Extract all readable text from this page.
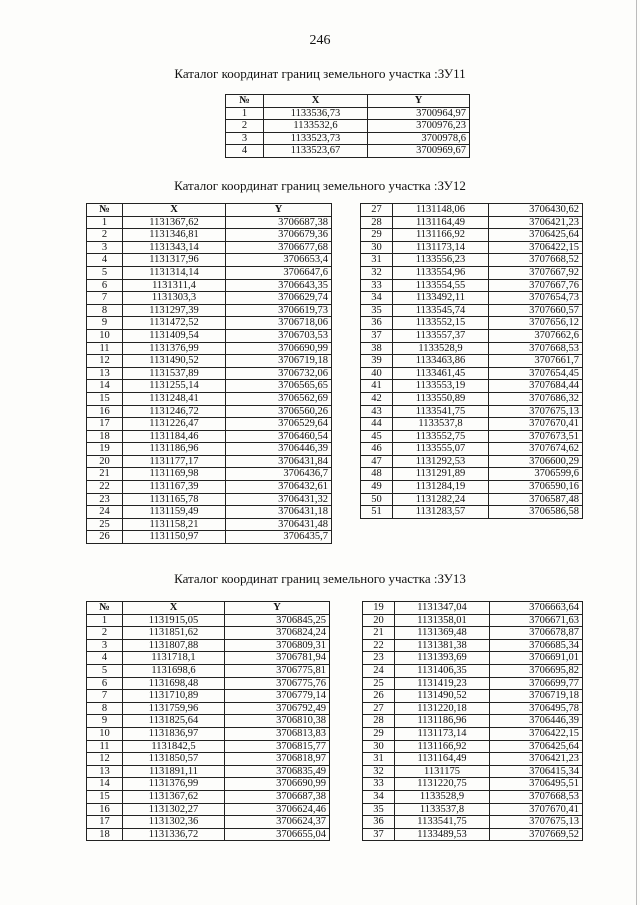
246
Каталог координат границ земельного участка :ЗУ11
№	X	Y
1	1133536,73	3700964,97
2	1133532,6	3700976,23
3	1133523,73	3700978,6
4	1133523,67	3700969,67
Каталог координат границ земельного участка :ЗУ12
№	X	Y
1	1131367,62	3706687,38
2	1131346,81	3706679,36
3	1131343,14	3706677,68
4	1131317,96	3706653,4
5	1131314,14	3706647,6
6	1131311,4	3706643,35
7	1131303,3	3706629,74
8	1131297,39	3706619,73
9	1131472,52	3706718,06
10	1131409,54	3706703,53
11	1131376,99	3706690,99
12	1131490,52	3706719,18
13	1131537,89	3706732,06
14	1131255,14	3706565,65
15	1131248,41	3706562,69
16	1131246,72	3706560,26
17	1131226,47	3706529,64
18	1131184,46	3706460,54
19	1131186,96	3706446,39
20	1131177,17	3706431,84
21	1131169,98	3706436,7
22	1131167,39	3706432,61
23	1131165,78	3706431,32
24	1131159,49	3706431,18
25	1131158,21	3706431,48
26	1131150,97	3706435,7
27	1131148,06	3706430,62
28	1131164,49	3706421,23
29	1131166,92	3706425,64
30	1131173,14	3706422,15
31	1133556,23	3707668,52
32	1133554,96	3707667,92
33	1133554,55	3707667,76
34	1133492,11	3707654,73
35	1133545,74	3707660,57
36	1133552,15	3707656,12
37	1133557,37	3707662,6
38	1133528,9	3707668,53
39	1133463,86	3707661,7
40	1133461,45	3707654,45
41	1133553,19	3707684,44
42	1133550,89	3707686,32
43	1133541,75	3707675,13
44	1133537,8	3707670,41
45	1133552,75	3707673,51
46	1133555,07	3707674,62
47	1131292,53	3706600,29
48	1131291,89	3706599,6
49	1131284,19	3706590,16
50	1131282,24	3706587,48
51	1131283,57	3706586,58
Каталог координат границ земельного участка :ЗУ13
№	X	Y
1	1131915,05	3706845,25
2	1131851,62	3706824,24
3	1131807,88	3706809,31
4	1131718,1	3706781,94
5	1131698,6	3706775,81
6	1131698,48	3706775,76
7	1131710,89	3706779,14
8	1131759,96	3706792,49
9	1131825,64	3706810,38
10	1131836,97	3706813,83
11	1131842,5	3706815,77
12	1131850,57	3706818,97
13	1131891,11	3706835,49
14	1131376,99	3706690,99
15	1131367,62	3706687,38
16	1131302,27	3706624,46
17	1131302,36	3706624,37
18	1131336,72	3706655,04
19	1131347,04	3706663,64
20	1131358,01	3706671,63
21	1131369,48	3706678,87
22	1131381,38	3706685,34
23	1131393,69	3706691,01
24	1131406,35	3706695,82
25	1131419,23	3706699,77
26	1131490,52	3706719,18
27	1131220,18	3706495,78
28	1131186,96	3706446,39
29	1131173,14	3706422,15
30	1131166,92	3706425,64
31	1131164,49	3706421,23
32	1131175	3706415,34
33	1131220,75	3706495,51
34	1133528,9	3707668,53
35	1133537,8	3707670,41
36	1133541,75	3707675,13
37	1133489,53	3707669,52
